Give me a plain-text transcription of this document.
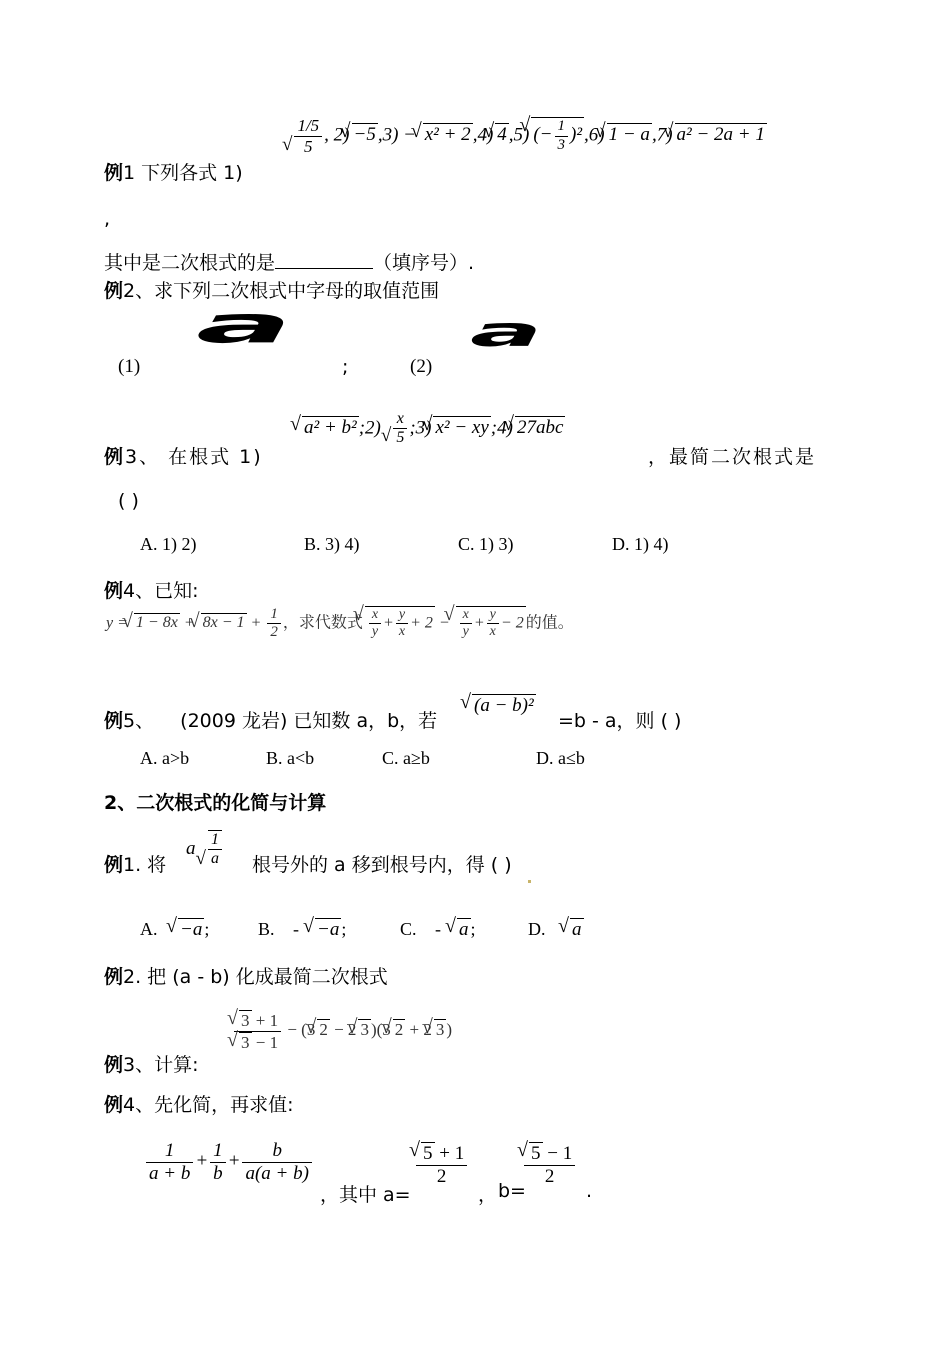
例1 下列各式 1)
√ $\frac{1/5}{5}$ , 2) √ −5 ,3) − √ x² + 2 ,4) √ 4 ,5) √ (− $\frac{1}{3} )^2$ ,6) √ 1 − a ,7) √ a² − 2a + 1
,
其中是二次根式的是	（填序号）.
例2、求下列二次根式中字母的取值范围
(1)
a
;	(2)
a
例3、 在根式 1)
√ a² + b² ;2)√ $\frac{x}{5}$ ;3) √ x² − xy ;4) √ 27abc
，最简二次根式是
( )
A. 1) 2)	B. 3) 4)	C. 1) 3)	D. 1) 4)
例4、已知:
y = √ 1 − 8x + √ $8x - 1 + \frac{1}{2}$ ，求代数式 √ $\frac{x}{y} + \frac{y}{x} + 2$ − √ $\frac{x}{y} + \frac{y}{x} - 2$ 的值。
例5、 (2009 龙岩) 已知数 a，b，若
√ (a − b)²
=b - a，则 ( )
A. a>b	B. a<b	C. a≥b	D. a≤b
2、二次根式的化简与计算
例1. 将
$a√ \frac{1}{a}$ 根号外的 a 移到根号内，得 ( )
A. √ −a ;	B. - √ −a ;	C. - √ a ;	D. √ a
例2. 把 (a - b) 化成最简二次根式
例3、计算:
√ 3 + 1
√ 3 − 1 − (3 √ 2 − 2 √ 3 )(3 √ 2 + 2 √ 3 )
例4、先化简，再求值:
$\frac{1}{a + b} + \frac{1}{b} + \frac{b}{a(a + b)}$
，其中 a=
√ $\frac{5 + 1}{2}$
， b=
√ $\frac{5 - 1}{2}$
.
